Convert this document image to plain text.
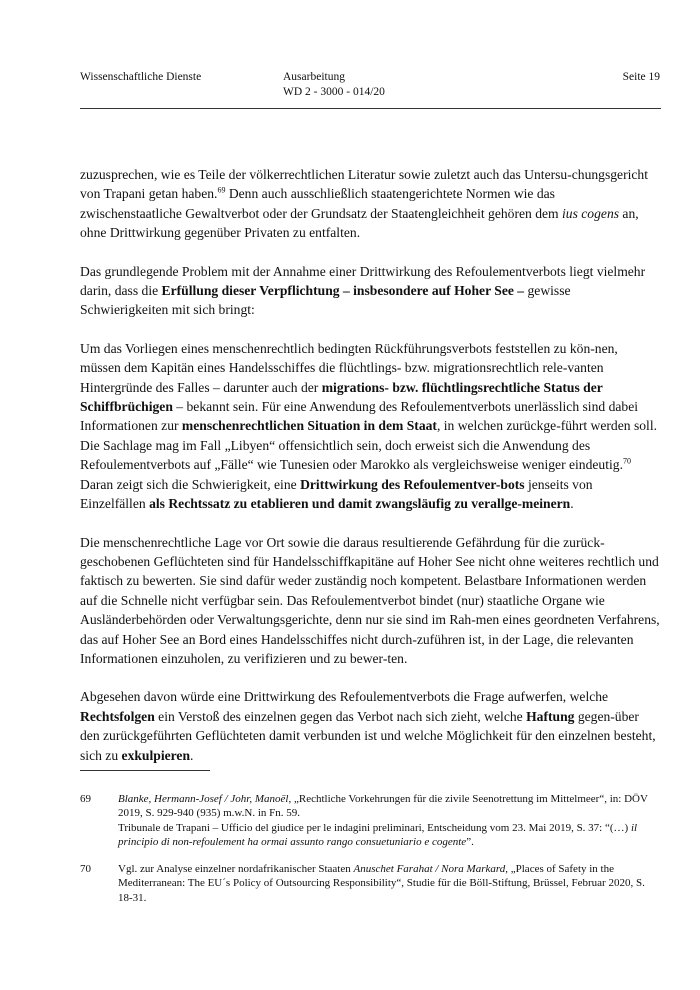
Wissenschaftliche Dienste	Ausarbeitung
WD 2 - 3000 - 014/20
Seite 19

zuzusprechen, wie es Teile der völkerrechtlichen Literatur sowie zuletzt auch das Untersu-chungsgericht von Trapani getan haben.$^{69}$ Denn auch ausschließlich staatengerichtete Normen wie das zwischenstaatliche Gewaltverbot oder der Grundsatz der Staatengleichheit gehören dem ius cogens an, ohne Drittwirkung gegenüber Privaten zu entfalten.

Das grundlegende Problem mit der Annahme einer Drittwirkung des Refoulementverbots liegt vielmehr darin, dass die Erfüllung dieser Verpflichtung – insbesondere auf Hoher See – gewisse Schwierigkeiten mit sich bringt:

Um das Vorliegen eines menschenrechtlich bedingten Rückführungsverbots feststellen zu kön-nen, müssen dem Kapitän eines Handelsschiffes die flüchtlings- bzw. migrationsrechtlich rele-vanten Hintergründe des Falles – darunter auch der migrations- bzw. flüchtlingsrechtliche Status der Schiffbrüchigen – bekannt sein. Für eine Anwendung des Refoulementverbots unerlässlich sind dabei Informationen zur menschenrechtlichen Situation in dem Staat, in welchen zurückge-führt werden soll. Die Sachlage mag im Fall „Libyen“ offensichtlich sein, doch erweist sich die Anwendung des Refoulementverbots auf „Fälle“ wie Tunesien oder Marokko als vergleichsweise weniger eindeutig.$^{70}$ Daran zeigt sich die Schwierigkeit, eine Drittwirkung des Refoulementver-bots jenseits von Einzelfällen als Rechtssatz zu etablieren und damit zwangsläufig zu verallge-meinern.

Die menschenrechtliche Lage vor Ort sowie die daraus resultierende Gefährdung für die zurück-geschobenen Geflüchteten sind für Handelsschiffkapitäne auf Hoher See nicht ohne weiteres rechtlich und faktisch zu bewerten. Sie sind dafür weder zuständig noch kompetent. Belastbare Informationen werden auf die Schnelle nicht verfügbar sein. Das Refoulementverbot bindet (nur) staatliche Organe wie Ausländerbehörden oder Verwaltungsgerichte, denn nur sie sind im Rah-men eines geordneten Verfahrens, das auf Hoher See an Bord eines Handelsschiffes nicht durch-zuführen ist, in der Lage, die relevanten Informationen einzuholen, zu verifizieren und zu bewer-ten.

Abgesehen davon würde eine Drittwirkung des Refoulementverbots die Frage aufwerfen, welche Rechtsfolgen ein Verstoß des einzelnen gegen das Verbot nach sich zieht, welche Haftung gegen-über den zurückgeführten Geflüchteten damit verbunden ist und welche Möglichkeit für den einzelnen besteht, sich zu exkulpieren.

69	Blanke, Hermann-Josef / Johr, Manoël, „Rechtliche Vorkehrungen für die zivile Seenotrettung im Mittelmeer“, in: DÖV 2019, S. 929-940 (935) m.w.N. in Fn. 59.
Tribunale de Trapani – Ufficio del giudice per le indagini preliminari, Entscheidung vom 23. Mai 2019, S. 37: “(…) il principio di non-refoulement ha ormai assunto rango consuetuniario e cogente”.
70	Vgl. zur Analyse einzelner nordafrikanischer Staaten Anuschet Farahat / Nora Markard, „Places of Safety in the Mediterranean: The EU´s Policy of Outsourcing Responsibility“, Studie für die Böll-Stiftung, Brüssel, Februar 2020, S. 18-31.
